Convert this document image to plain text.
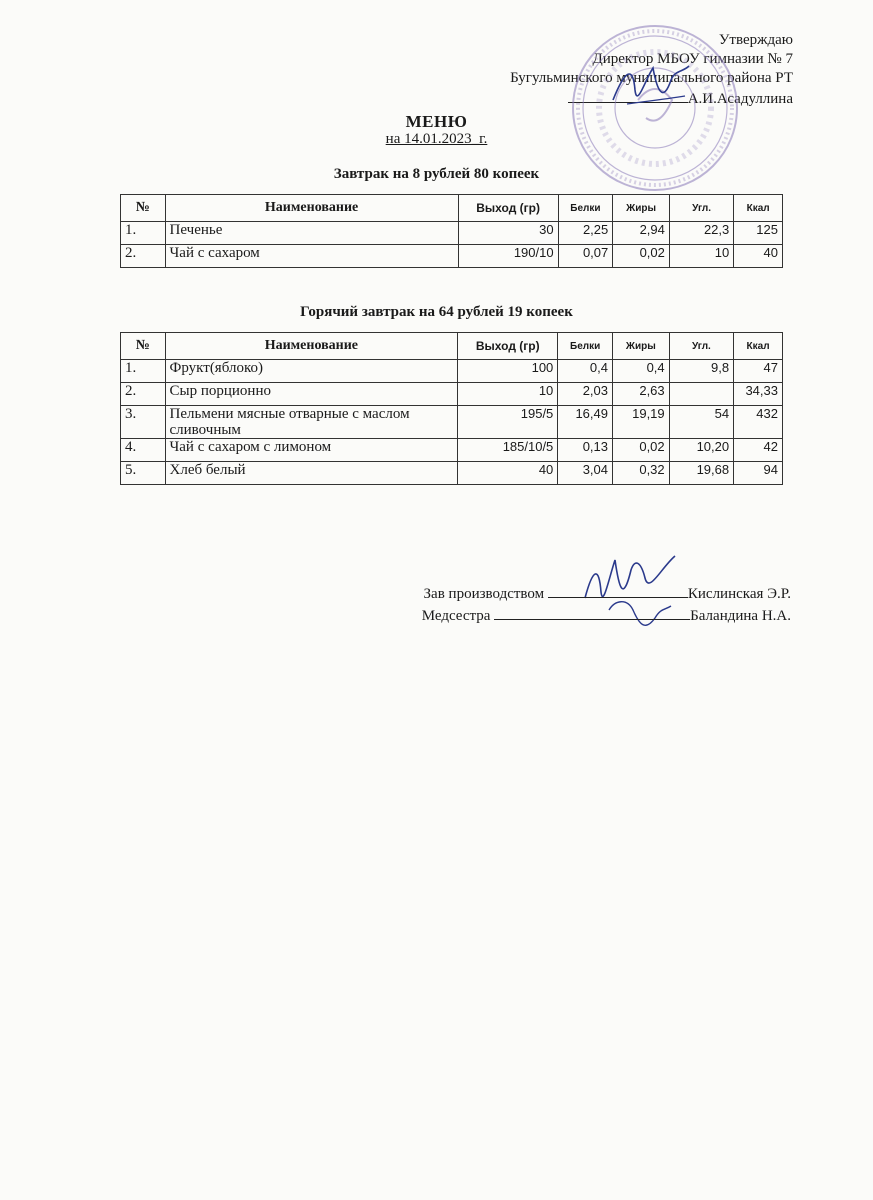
Утверждаю
Директор МБОУ гимназии № 7
Бугульминского муниципального района РТ
А.И.Асадуллина
МЕНЮ
на 14.01.2023_г.
Завтрак на 8 рублей 80 копеек
№	Наименование	Выход (гр)	Белки	Жиры	Угл.	Ккал
1.	Печенье	30	2,25	2,94	22,3	125
2.	Чай с сахаром	190/10	0,07	0,02	10	40
Горячий завтрак на 64 рублей 19 копеек
№	Наименование	Выход (гр)	Белки	Жиры	Угл.	Ккал
1.	Фрукт(яблоко)	100	0,4	0,4	9,8	47
2.	Сыр порционно	10	2,03	2,63		34,33
3.	Пельмени мясные отварные с маслом сливочным	195/5	16,49	19,19	54	432
4.	Чай с сахаром с лимоном	185/10/5	0,13	0,02	10,20	42
5.	Хлеб белый	40	3,04	0,32	19,68	94
Зав производством	Кислинская Э.Р.
Медсестра	Баландина Н.А.
